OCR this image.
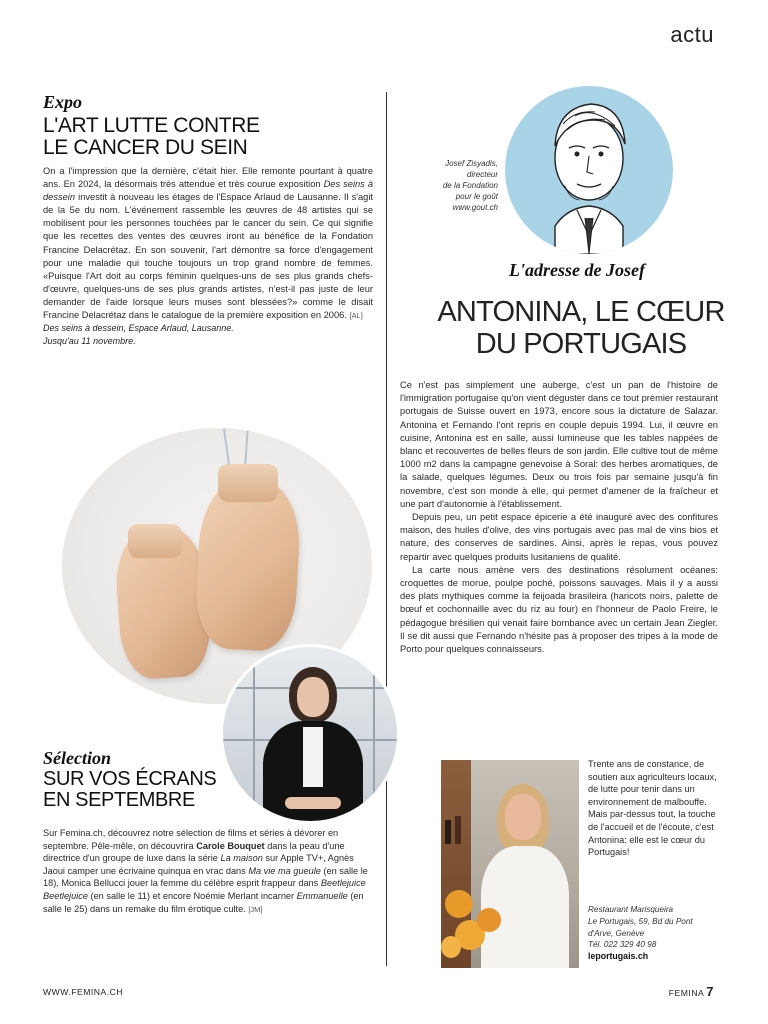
actu
Expo
L'ART LUTTE CONTRE
LE CANCER DU SEIN

On a l'impression que la dernière, c'était hier. Elle remonte pourtant à quatre ans. En 2024, la désormais très attendue et très courue exposition Des seins à dessein investit à nouveau les étages de l'Espace Arlaud de Lausanne. Il s'agit de la 5e du nom. L'événement rassemble les œuvres de 48 artistes qui se mobilisent pour les personnes touchées par le cancer du sein. Ce qui signifie que les recettes des ventes des œuvres iront au bénéfice de la Fondation Francine Delacrétaz. En son souvenir, l'art démontre sa force d'engagement pour une maladie qui touche toujours un trop grand nombre de femmes. «Puisque l'Art doit au corps féminin quelques-uns de ses plus grands chefs-d'œuvre, quelques-uns de ses plus grands artistes, n'est-il pas juste de leur demander de l'aide lorsque leurs muses sont blessées?» comme le disait Francine Delacrétaz dans le catalogue de la première exposition en 2006. [AL]

Des seins à dessein, Espace Arlaud, Lausanne.
Jusqu'au 11 novembre.
Sélection
SUR VOS ÉCRANS
EN SEPTEMBRE
Sur Femina.ch, découvrez notre sélection de films et séries à dévorer en septembre. Pêle-mêle, on découvrira Carole Bouquet dans la peau d'une directrice d'un groupe de luxe dans la série La maison sur Apple TV+, Agnès Jaoui camper une écrivaine quinqua en vrac dans Ma vie ma gueule (en salle le 18), Monica Bellucci jouer la femme du célèbre esprit frappeur dans Beetlejuice Beetlejuice (en salle le 11) et encore Noémie Merlant incarner Emmanuelle (en salle le 25) dans un remake du film érotique culte. [JM]
Josef Zisyadis,
directeur
de la Fondation
pour le goût
www.gout.ch
L'adresse de Josef
ANTONINA, LE CŒUR
DU PORTUGAIS

Ce n'est pas simplement une auberge, c'est un pan de l'histoire de l'immigration portugaise qu'on vient déguster dans ce tout premier restaurant portugais de Suisse ouvert en 1973, encore sous la dictature de Salazar. Antonina et Fernando l'ont repris en couple depuis 1994. Lui, il œuvre en cuisine, Antonina est en salle, aussi lumineuse que les tables nappées de blanc et recouvertes de belles fleurs de son jardin. Elle cultive tout de même 1000 m2 dans la campagne genevoise à Soral: des herbes aromatiques, de la salade, quelques légumes. Deux ou trois fois par semaine jusqu'à fin novembre, c'est son monde à elle, qui permet d'amener de la fraîcheur et une part d'autonomie à l'établissement.

Depuis peu, un petit espace épicerie a été inauguré avec des confitures maison, des huiles d'olive, des vins portugais avec pas mal de vins bios et nature, des conserves de sardines. Ainsi, après le repas, vous pouvez repartir avec quelques produits lusitaniens de qualité.

La carte nous amène vers des destinations résolument océanes: croquettes de morue, poulpe poché, poissons sauvages. Mais il y a aussi des plats mythiques comme la feijoada brasileira (haricots noirs, palette de bœuf et cochonnaille avec du riz au four) en l'honneur de Paolo Freire, le pédagogue brésilien qui venait faire bombance avec un certain Jean Ziegler. Il se dit aussi que Fernando n'hésite pas à proposer des tripes à la mode de Porto pour quelques connaisseurs.

Trente ans de constance, de soutien aux agriculteurs locaux, de lutte pour tenir dans un environnement de malbouffe. Mais par-dessus tout, la touche de l'accueil et de l'écoute, c'est Antonina: elle est le cœur du Portugais!
Restaurant Marisqueira
Le Portugais, 59, Bd du Pont
d'Arve, Genève
Tél. 022 329 40 98
leportugais.ch
WWW.FEMINA.CH	FEMINA 7
